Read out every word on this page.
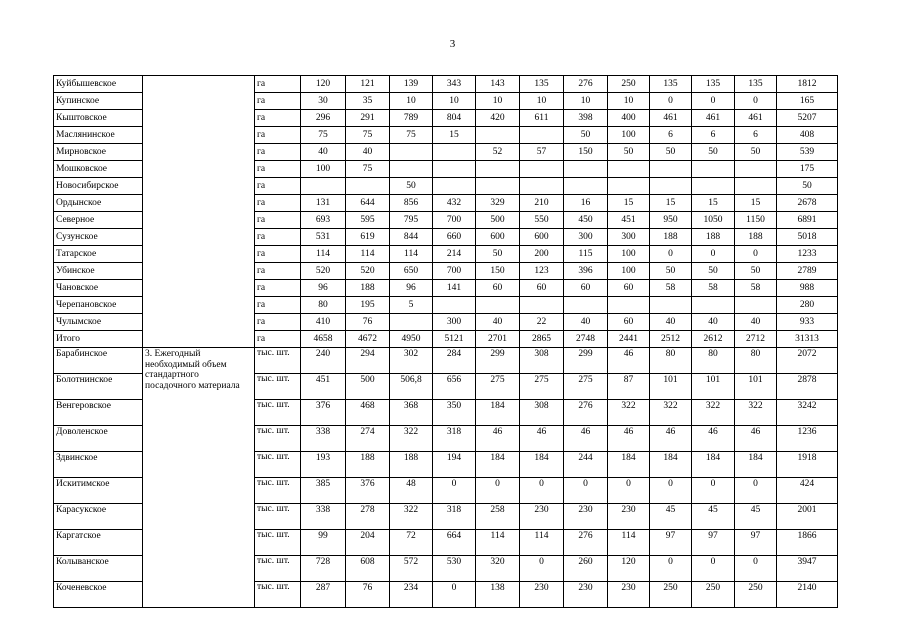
3
Куйбышевское		га	120	121	139	343	143	135	276	250	135	135	135	1812
Купинское		га	30	35	10	10	10	10	10	10	0	0	0	165
Кыштовское		га	296	291	789	804	420	611	398	400	461	461	461	5207
Маслянинское		га	75	75	75	15			50	100	6	6	6	408
Мирновское		га	40	40			52	57	150	50	50	50	50	539
Мошковское		га	100	75										175
Новосибирское		га			50									50
Ордынское		га	131	644	856	432	329	210	16	15	15	15	15	2678
Северное		га	693	595	795	700	500	550	450	451	950	1050	1150	6891
Сузунское		га	531	619	844	660	600	600	300	300	188	188	188	5018
Татарское		га	114	114	114	214	50	200	115	100	0	0	0	1233
Убинское		га	520	520	650	700	150	123	396	100	50	50	50	2789
Чановское		га	96	188	96	141	60	60	60	60	58	58	58	988
Черепановское		га	80	195	5									280
Чулымское		га	410	76		300	40	22	40	60	40	40	40	933
Итого		га	4658	4672	4950	5121	2701	2865	2748	2441	2512	2612	2712	31313
Барабинское	3. Ежегодный необходимый объем стандартного посадочного материала	тыс. шт.	240	294	302	284	299	308	299	46	80	80	80	2072
Болотнинское		тыс. шт.	451	500	506,8	656	275	275	275	87	101	101	101	2878
Венгеровское		тыс. шт.	376	468	368	350	184	308	276	322	322	322	322	3242
Доволенское		тыс. шт.	338	274	322	318	46	46	46	46	46	46	46	1236
Здвинское		тыс. шт.	193	188	188	194	184	184	244	184	184	184	184	1918
Искитимское		тыс. шт.	385	376	48	0	0	0	0	0	0	0	0	424
Карасукское		тыс. шт.	338	278	322	318	258	230	230	230	45	45	45	2001
Каргатское		тыс. шт.	99	204	72	664	114	114	276	114	97	97	97	1866
Колыванское		тыс. шт.	728	608	572	530	320	0	260	120	0	0	0	3947
Коченевское		тыс. шт.	287	76	234	0	138	230	230	230	250	250	250	2140
